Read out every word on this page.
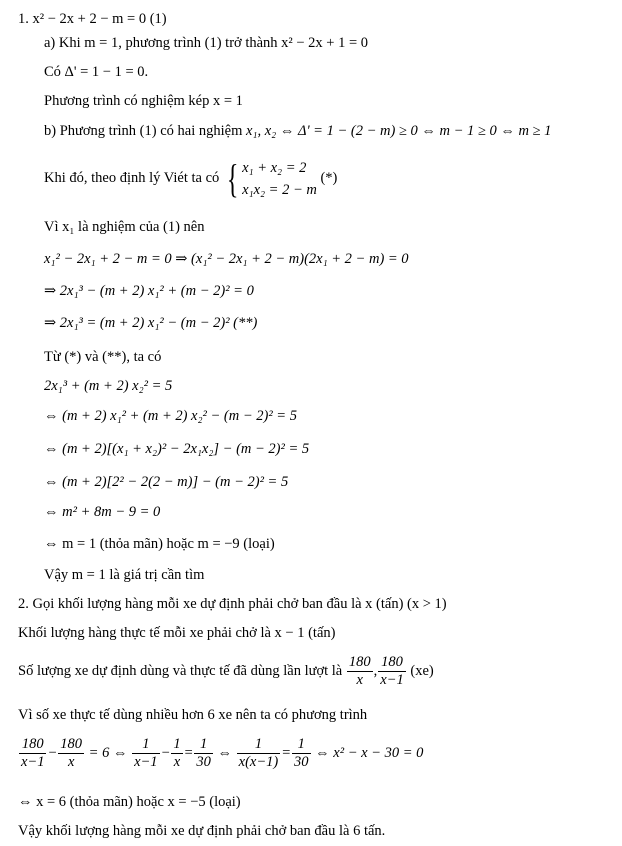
1. x² − 2x + 2 − m = 0 (1)
a) Khi m = 1, phương trình (1) trở thành x² − 2x + 1 = 0
Có Δ' = 1 − 1 = 0.
Phương trình có nghiệm kép x = 1
b) Phương trình (1) có hai nghiệm x₁, x₂ ⇔ Δ' = 1 − (2 − m) ≥ 0 ⇔ m − 1 ≥ 0 ⇔ m ≥ 1
Khi đó, theo định lý Viét ta có { x₁ + x₂ = 2
x₁x₂ = 2 − m
(*)
Vì x₁ là nghiệm của (1) nên
x₁² − 2x₁ + 2 − m = 0 ⇒ (x₁² − 2x₁ + 2 − m)(2x₁ + 2 − m) = 0
⇒ 2x₁³ − (m + 2) x₁² + (m − 2)² = 0
⇒ 2x₁³ = (m + 2) x₁² − (m − 2)² (**)
Từ (*) và (**), ta có
2x₁³ + (m + 2) x₂² = 5
⇔ (m + 2) x₁² + (m + 2) x₂² − (m − 2)² = 5
⇔ (m + 2)[(x₁ + x₂)² − 2x₁x₂] − (m − 2)² = 5
⇔ (m + 2)[2² − 2(2 − m)] − (m − 2)² = 5
⇔ m² + 8m − 9 = 0
⇔ m = 1 (thỏa mãn) hoặc m = −9 (loại)
Vậy m = 1 là giá trị cần tìm
2. Gọi khối lượng hàng mỗi xe dự định phải chở ban đầu là x (tấn) (x > 1)
Khối lượng hàng thực tế mỗi xe phải chở là x − 1 (tấn)
Số lượng xe dự định dùng và thực tế đã dùng lần lượt là $\frac{180}{x}$ , $\frac{180}{x-1} (xe)$
Vì số xe thực tế dùng nhiều hơn 6 xe nên ta có phương trình
$\frac{180}{x-1} - \frac{180}{x} = 6$ ⇔ $\frac{1}{x-1} - \frac{1}{x} = \frac{1}{30}$ ⇔ $\frac{1}{x(x-1)} = \frac{1}{30}$ ⇔ x² − x − 30 = 0
⇔ x = 6 (thỏa mãn) hoặc x = −5 (loại)
Vậy khối lượng hàng mỗi xe dự định phải chở ban đầu là 6 tấn.
